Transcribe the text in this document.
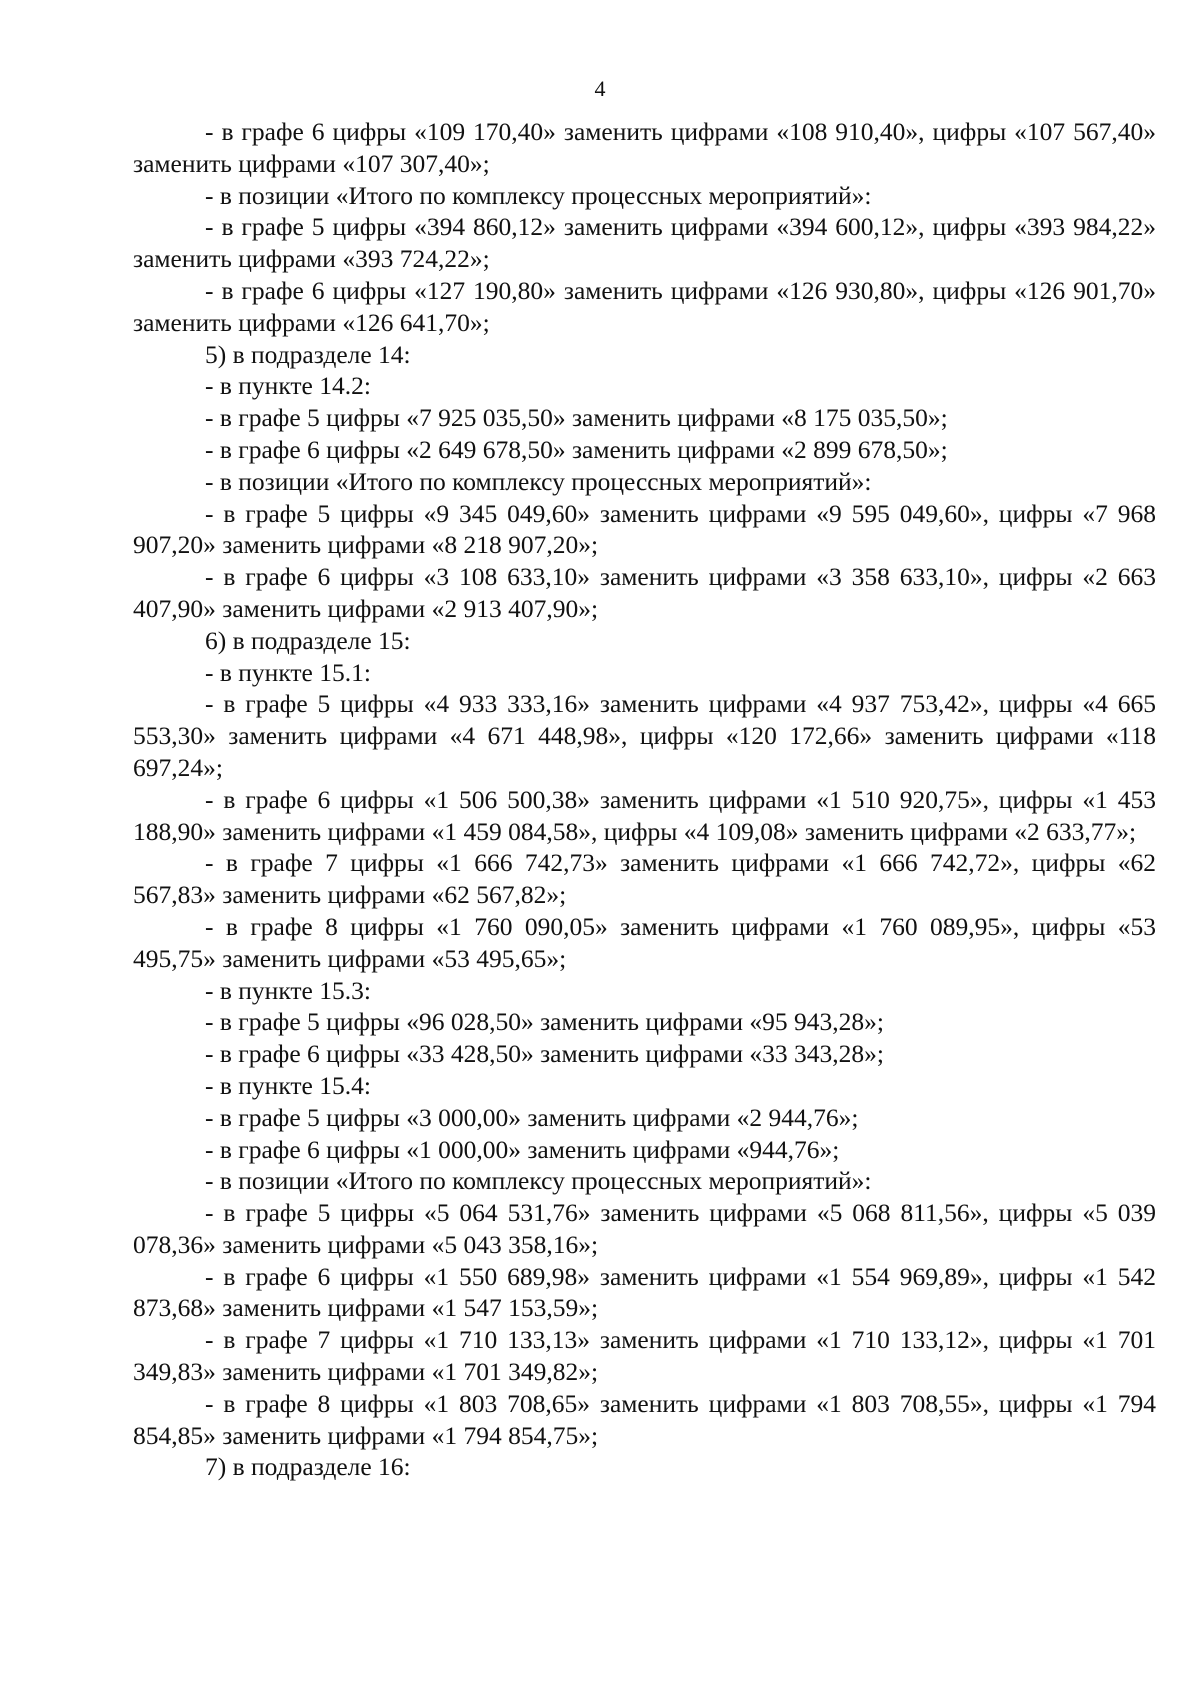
4

- в графе 6 цифры «109 170,40» заменить цифрами «108 910,40», цифры «107 567,40» заменить цифрами «107 307,40»;

- в позиции «Итого по комплексу процессных мероприятий»:

- в графе 5 цифры «394 860,12» заменить цифрами «394 600,12», цифры «393 984,22» заменить цифрами «393 724,22»;

- в графе 6 цифры «127 190,80» заменить цифрами «126 930,80», цифры «126 901,70» заменить цифрами «126 641,70»;

5) в подразделе 14:

- в пункте 14.2:

- в графе 5 цифры «7 925 035,50» заменить цифрами «8 175 035,50»;

- в графе 6 цифры «2 649 678,50» заменить цифрами «2 899 678,50»;

- в позиции «Итого по комплексу процессных мероприятий»:

- в графе 5 цифры «9 345 049,60» заменить цифрами «9 595 049,60», цифры «7 968 907,20» заменить цифрами «8 218 907,20»;

- в графе 6 цифры «3 108 633,10» заменить цифрами «3 358 633,10», цифры «2 663 407,90» заменить цифрами «2 913 407,90»;

6) в подразделе 15:

- в пункте 15.1:

- в графе 5 цифры «4 933 333,16» заменить цифрами «4 937 753,42», цифры «4 665 553,30» заменить цифрами «4 671 448,98», цифры «120 172,66» заменить цифрами «118 697,24»;

- в графе 6 цифры «1 506 500,38» заменить цифрами «1 510 920,75», цифры «1 453 188,90» заменить цифрами «1 459 084,58», цифры «4 109,08» заменить цифрами «2 633,77»;

- в графе 7 цифры «1 666 742,73» заменить цифрами «1 666 742,72», цифры «62 567,83» заменить цифрами «62 567,82»;

- в графе 8 цифры «1 760 090,05» заменить цифрами «1 760 089,95», цифры «53 495,75» заменить цифрами «53 495,65»;

- в пункте 15.3:

- в графе 5 цифры «96 028,50» заменить цифрами «95 943,28»;

- в графе 6 цифры «33 428,50» заменить цифрами «33 343,28»;

- в пункте 15.4:

- в графе 5 цифры «3 000,00» заменить цифрами «2 944,76»;

- в графе 6 цифры «1 000,00» заменить цифрами «944,76»;

- в позиции «Итого по комплексу процессных мероприятий»:

- в графе 5 цифры «5 064 531,76» заменить цифрами «5 068 811,56», цифры «5 039 078,36» заменить цифрами «5 043 358,16»;

- в графе 6 цифры «1 550 689,98» заменить цифрами «1 554 969,89», цифры «1 542 873,68» заменить цифрами «1 547 153,59»;

- в графе 7 цифры «1 710 133,13» заменить цифрами «1 710 133,12», цифры «1 701 349,83» заменить цифрами «1 701 349,82»;

- в графе 8 цифры «1 803 708,65» заменить цифрами «1 803 708,55», цифры «1 794 854,85» заменить цифрами «1 794 854,75»;

7) в подразделе 16:
